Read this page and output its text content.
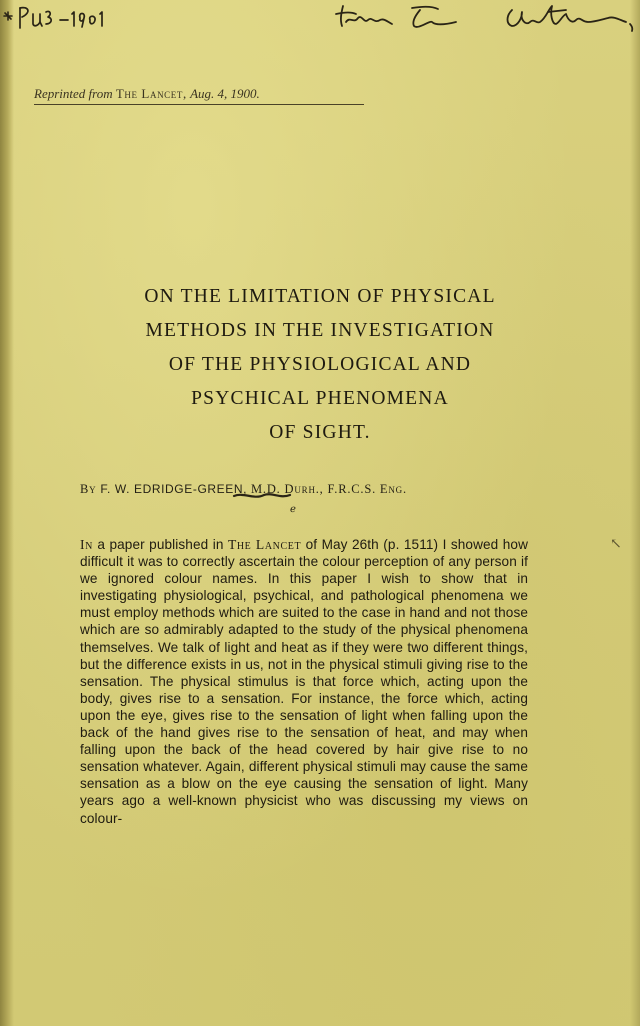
Reprinted from The Lancet, Aug. 4, 1900.
ON THE LIMITATION OF PHYSICAL
METHODS IN THE INVESTIGATION
OF THE PHYSIOLOGICAL AND
PSYCHICAL PHENOMENA
OF SIGHT.
By F. W. EDRIDGE-GREEN, M.D. Durh., F.R.C.S. Eng.
ℯ
In a paper published in The Lancet of May 26th (p. 1511) I showed how difficult it was to correctly ascertain the colour perception of any person if we ignored colour names. In this paper I wish to show that in investigating physiological, psychical, and pathological phenomena we must employ methods which are suited to the case in hand and not those which are so admirably adapted to the study of the physical phenomena themselves. We talk of light and heat as if they were two different things, but the difference exists in us, not in the physical stimuli giving rise to the sensation. The physical stimulus is that force which, acting upon the body, gives rise to a sensation. For instance, the force which, acting upon the eye, gives rise to the sensation of light when falling upon the back of the hand gives rise to the sensation of heat, and may when falling upon the back of the head covered by hair give rise to no sensation whatever. Again, different physical stimuli may cause the same sensation as a blow on the eye causing the sensation of light. Many years ago a well-known physicist who was discussing my views on colour-
↖
